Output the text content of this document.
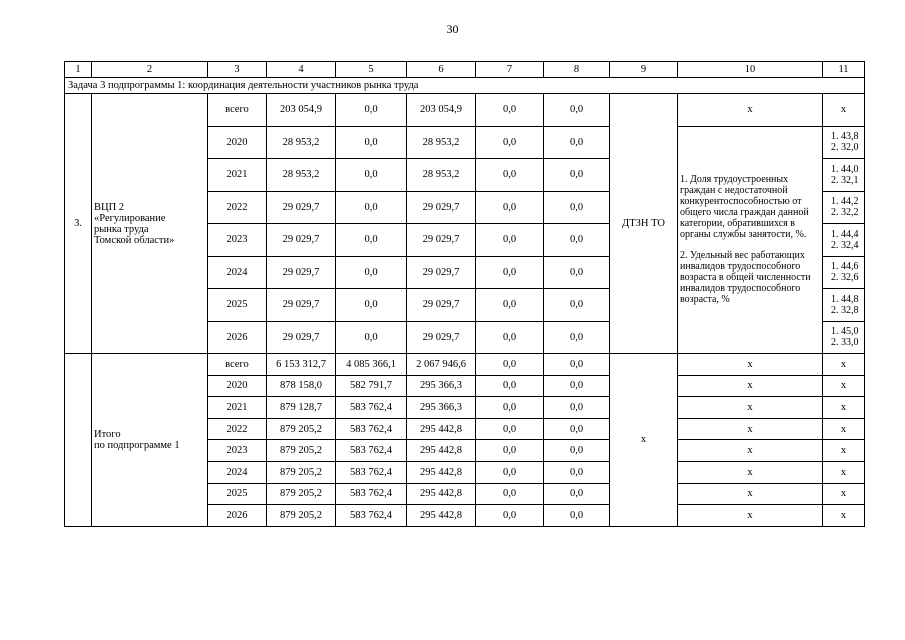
30
1	2	3	4	5	6	7	8	9	10	11
Задача 3 подпрограммы 1: координация деятельности участников рынка труда										
3.	ВЦП 2
«Регулирование
рынка труда
Томской области»	всего	203 054,9	0,0	203 054,9	0,0	0,0	ДТЗН ТО	х	х
		2020	28 953,2	0,0	28 953,2	0,0	0,0		1. Доля трудоустроенных граждан с недостаточной конкурентоспособностью от общего числа граждан данной категории, обратившихся в органы службы занятости, %.
2. Удельный вес работающих инвалидов трудоспособного возраста в общей численности инвалидов трудоспособного возраста, %	1. 43,8
2. 32,0

		2021	28 953,2	0,0	28 953,2	0,0	0,0			1. 44,0
2. 32,1

		2022	29 029,7	0,0	29 029,7	0,0	0,0			1. 44,2
2. 32,2

		2023	29 029,7	0,0	29 029,7	0,0	0,0			1. 44,4
2. 32,4

		2024	29 029,7	0,0	29 029,7	0,0	0,0			1. 44,6
2. 32,6

		2025	29 029,7	0,0	29 029,7	0,0	0,0			1. 44,8
2. 32,8

		2026	29 029,7	0,0	29 029,7	0,0	0,0			1. 45,0
2. 33,0

	Итого
по подпрограмме 1	всего	6 153 312,7	4 085 366,1	2 067 946,6	0,0	0,0	х	х	х
		2020	878 158,0	582 791,7	295 366,3	0,0	0,0		х	х
		2021	879 128,7	583 762,4	295 366,3	0,0	0,0		х	х
		2022	879 205,2	583 762,4	295 442,8	0,0	0,0		х	х
		2023	879 205,2	583 762,4	295 442,8	0,0	0,0		х	х
		2024	879 205,2	583 762,4	295 442,8	0,0	0,0		х	х
		2025	879 205,2	583 762,4	295 442,8	0,0	0,0		х	х
		2026	879 205,2	583 762,4	295 442,8	0,0	0,0		х	х
